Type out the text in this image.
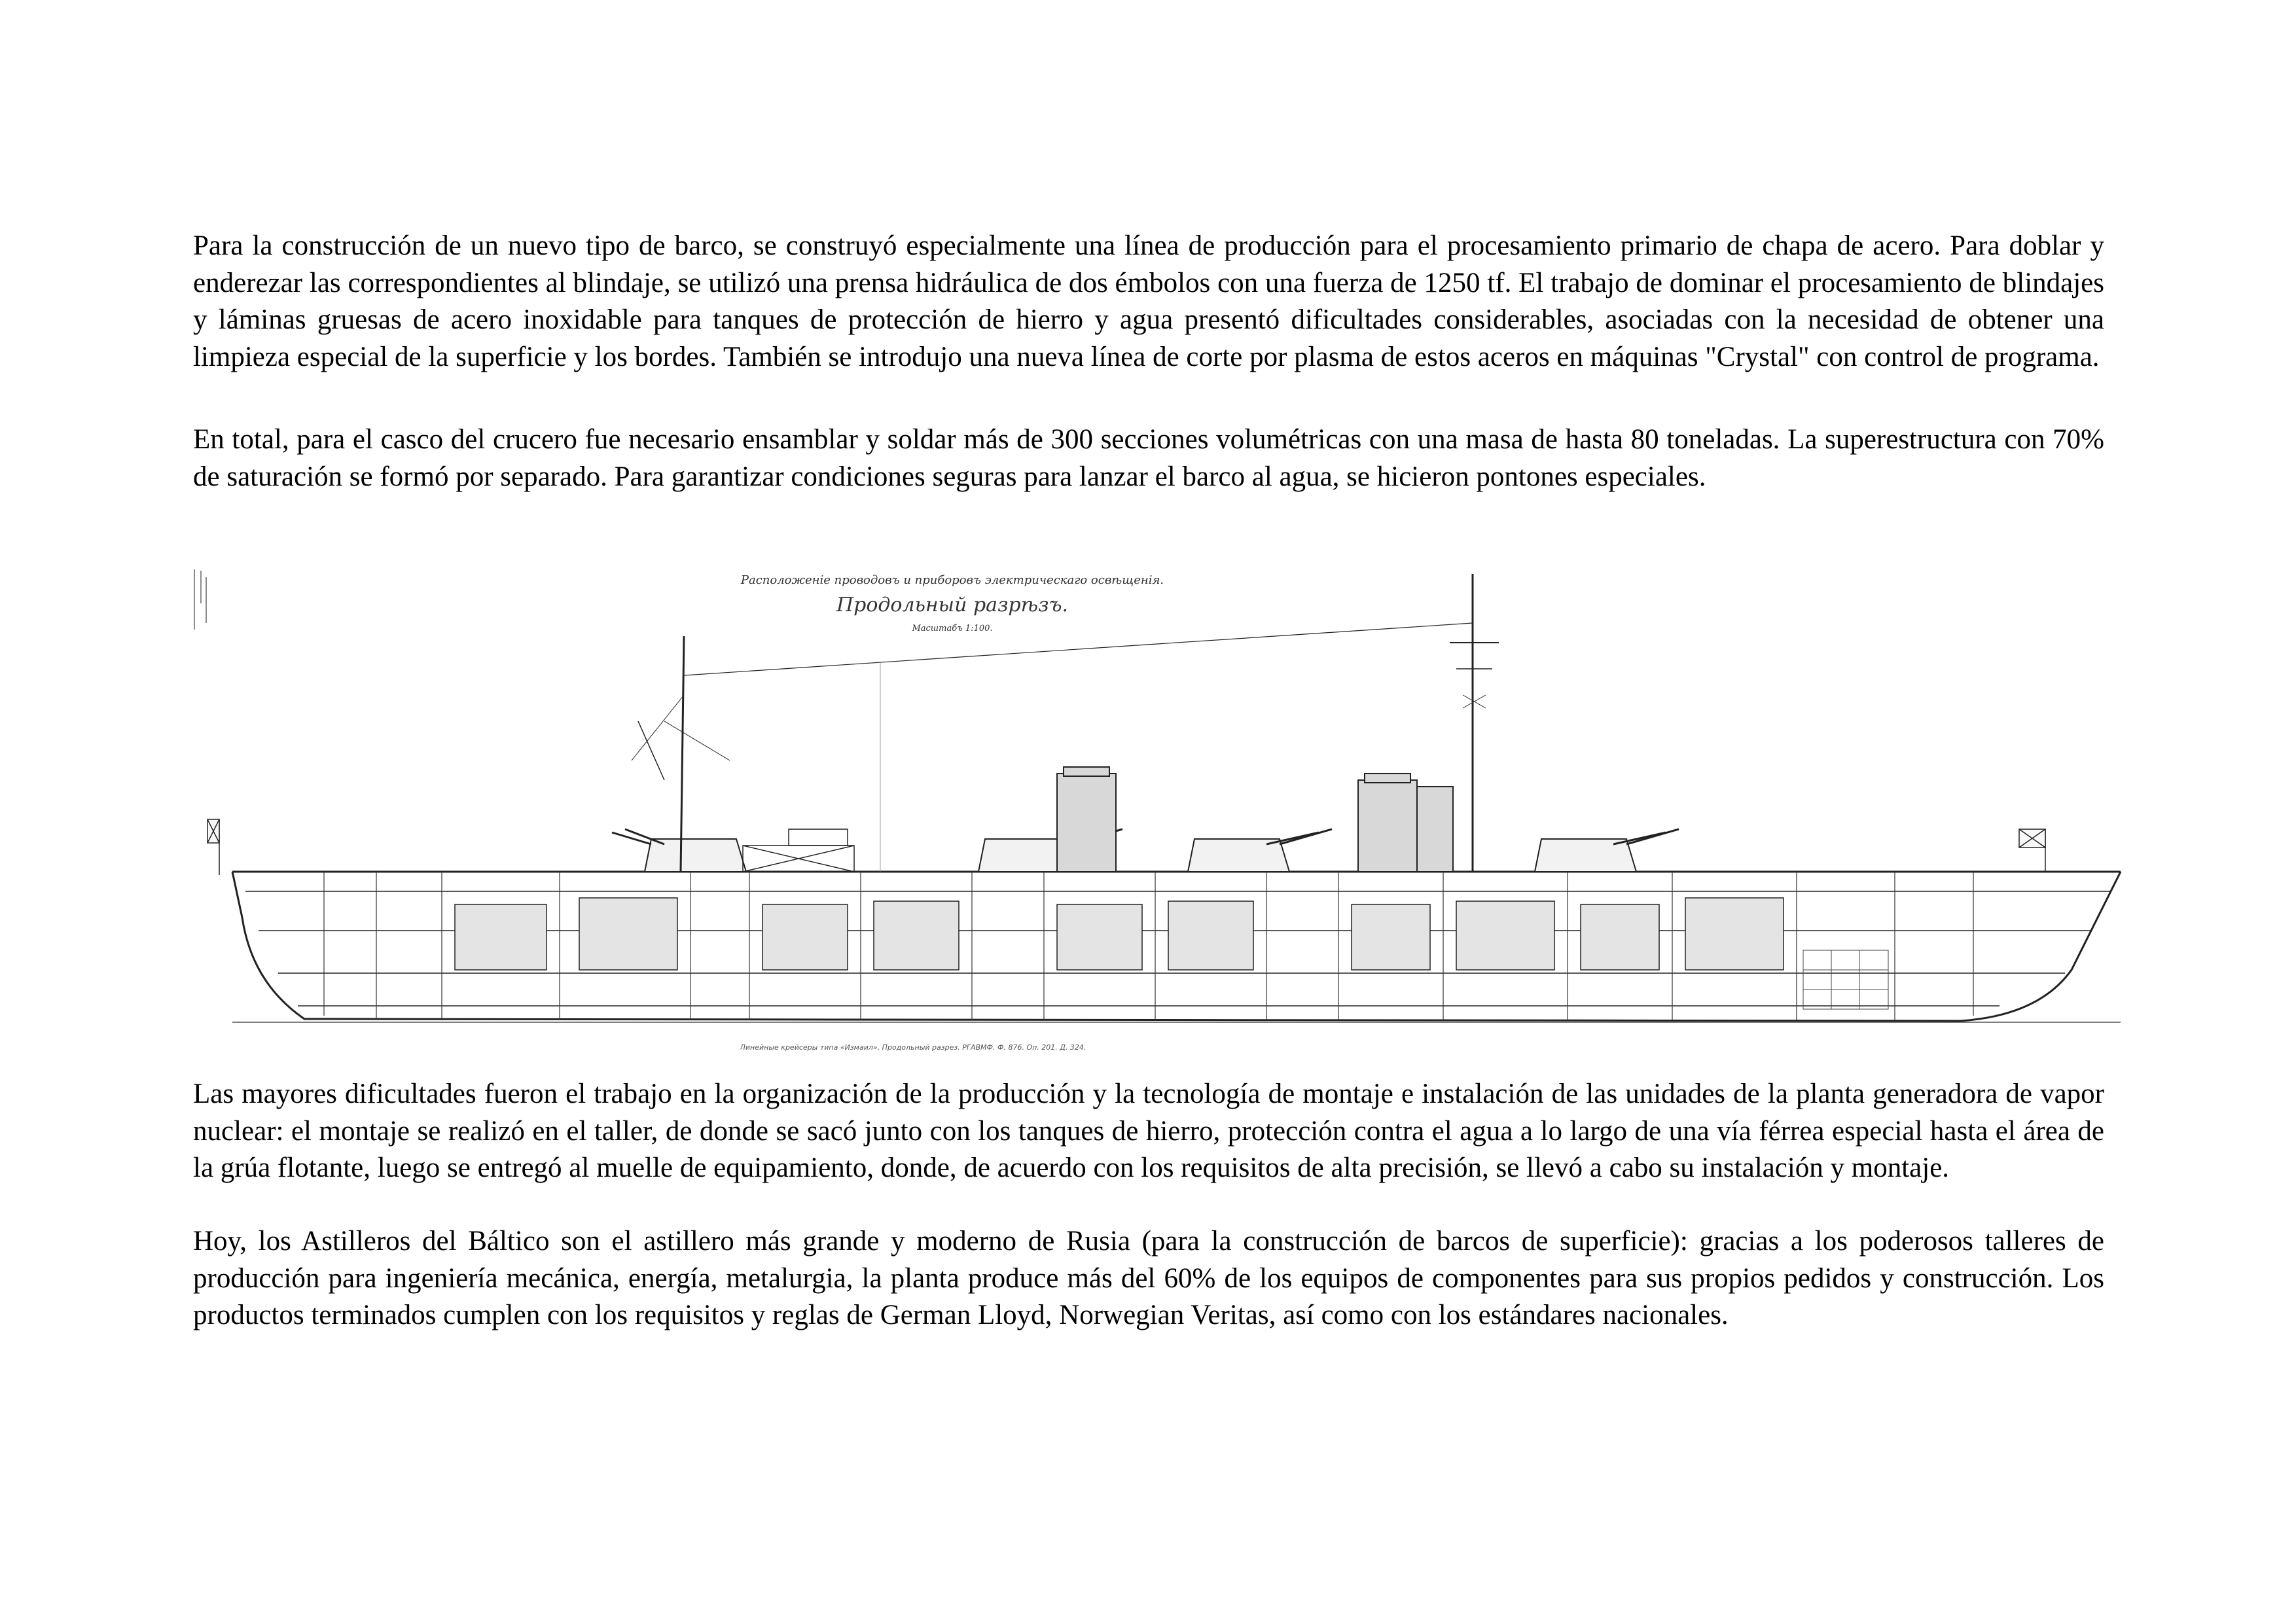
Para la construcción de un nuevo tipo de barco, se construyó especialmente una línea de producción para el procesamiento primario de chapa de acero. Para doblar y enderezar las correspondientes al blindaje, se utilizó una prensa hidráulica de dos émbolos con una fuerza de 1250 tf. El trabajo de dominar el procesamiento de blindajes y láminas gruesas de acero inoxidable para tanques de protección de hierro y agua presentó dificultades considerables, asociadas con la necesidad de obtener una limpieza especial de la superficie y los bordes. También se introdujo una nueva línea de corte por plasma de estos aceros en máquinas "Crystal" con control de programa.

En total, para el casco del crucero fue necesario ensamblar y soldar más de 300 secciones volumétricas con una masa de hasta 80 toneladas. La superestructura con 70% de saturación se formó por separado. Para garantizar condiciones seguras para lanzar el barco al agua, se hicieron pontones especiales.

Расположеніе проводовъ и приборовъ электрическаго освѣщенія.
Продольный разрѣзъ.
Масштабъ 1:100.
Линейные крейсеры типа «Измаил». Продольный разрез. РГАВМФ. Ф. 876. Оп. 201. Д. 324.

Las mayores dificultades fueron el trabajo en la organización de la producción y la tecnología de montaje e instalación de las unidades de la planta generadora de vapor nuclear: el montaje se realizó en el taller, de donde se sacó junto con los tanques de hierro, protección contra el agua a lo largo de una vía férrea especial hasta el área de la grúa flotante, luego se entregó al muelle de equipamiento, donde, de acuerdo con los requisitos de alta precisión, se llevó a cabo su instalación y montaje.

Hoy, los Astilleros del Báltico son el astillero más grande y moderno de Rusia (para la construcción de barcos de superficie): gracias a los poderosos talleres de producción para ingeniería mecánica, energía, metalurgia, la planta produce más del 60% de los equipos de componentes para sus propios pedidos y construcción. Los productos terminados cumplen con los requisitos y reglas de German Lloyd, Norwegian Veritas, así como con los estándares nacionales.
